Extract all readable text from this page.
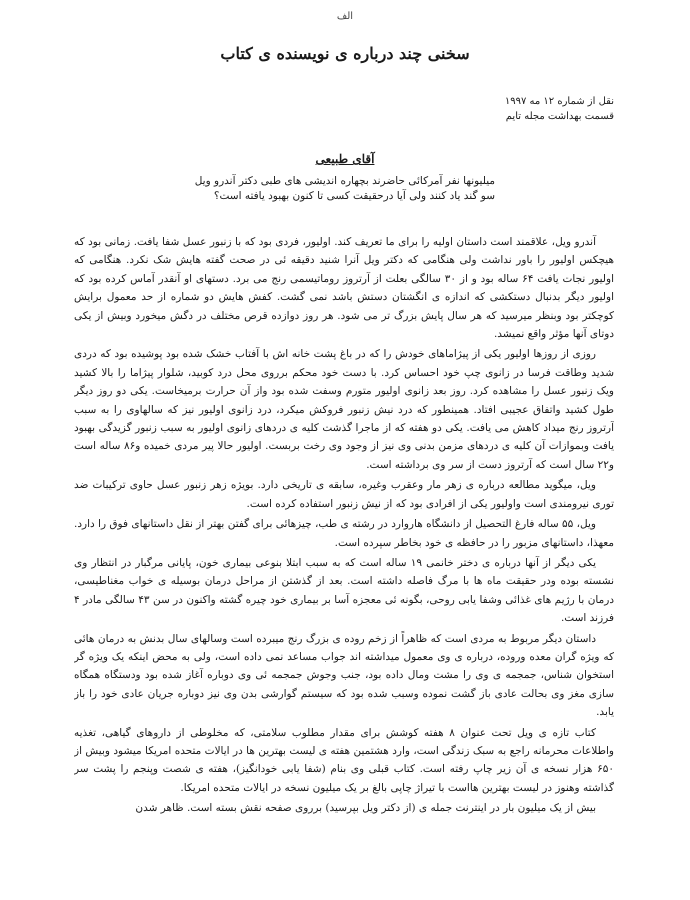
الف
سخنی چند درباره ی نویسنده ی کتاب
نقل از شماره ۱۲ مه ۱۹۹۷
قسمت بهداشت مجله تایم
آقای طبیعی
میلیونها نفر آمرکائی حاضرند بچهاره اندیشی های طبی دکتر آندرو ویل
سو گند یاد کنند ولی آیا درحقیقت کسی تا کنون بهبود یافته است؟

آندرو ویل، علاقمند است داستان اولیه را برای ما تعریف کند. اولیور، فردی بود که با زنبور عسل شفا یافت. زمانی بود که هیچکس اولیور را باور نداشت ولی هنگامی که دکتر ویل آنرا شنید دقیقه ئی در صحت گفته هایش شک نکرد. هنگامی که اولیور نجات یافت ۶۴ ساله بود و از ۳۰ سالگی بعلت از آرتروز روماتیسمی رنج می برد. دستهای او آنقدر آماس کرده بود که اولیور دیگر بدنبال دستکشی که اندازه ی انگشتان دستش باشد نمی گشت. کفش هایش دو شماره از حد معمول برایش کوچکتر بود وبنظر میرسید که هر سال پایش بزرگ تر می شود. هر روز دوازده قرص مختلف در دگش میخورد وبیش از یکی دوتای آنها مؤثر واقع نمیشد.

روزی از روزها اولیور یکی از پیژاماهای خودش را که در باغ پشت خانه اش با آفتاب خشک شده بود پوشیده بود که دردی شدید وطاقت فرسا در زانوی چپ خود احساس کرد. با دست خود محکم برروی محل درد کوبید، شلوار پیژاما را بالا کشید ویک زنبور عسل را مشاهده کرد. روز بعد زانوی اولیور متورم وسفت شده بود واز آن حرارت برمیخاست. یکی دو روز دیگر طول کشید واتفاق عجیبی افتاد. همینطور که درد نیش زنبور فروکش میکرد، درد زانوی اولیور نیز که سالهاوی را به سبب آرتروز رنج میداد کاهش می یافت. یکی دو هفته که از ماجرا گذشت کلیه ی دردهای زانوی اولیور به سبب زنبور گزیدگی بهبود یافت وبموازات آن کلیه ی دردهای مزمن بدنی وی نیز از وجود وی رخت بربست. اولیور حالا پیر مردی خمیده و۸۶ ساله است و۲۲ سال است که آرتروز دست از سر وی برداشته است.

ویل، میگوید مطالعه درباره ی زهر مار وعقرب وغیره، سابقه ی تاریخی دارد. بویژه زهر زنبور عسل حاوی ترکیبات ضد توری نیرومندی است واولیور یکی از افرادی بود که از نیش زنبور استفاده کرده است.

ویل، ۵۵ ساله فارغ التحصیل از دانشگاه هاروارد در رشته ی طب، چیزهائی برای گفتن بهتر از نقل داستانهای فوق را دارد. معهذا، داستانهای مزبور را در حافظه ی خود بخاطر سپرده است.

یکی دیگر از آنها درباره ی دختر خانمی ۱۹ ساله است که به سبب ابتلا بنوعی بیماری خون، پایانی مرگبار در انتظار وی نشسته بوده ودر حقیقت ماه ها با مرگ فاصله داشته است. بعد از گذشتن از مراحل درمان بوسیله ی خواب مغناطیسی، درمان با رژیم های غذائی وشفا یابی روحی، بگونه ئی معجزه آسا بر بیماری خود چیره گشته واکنون در سن ۴۳ سالگی مادر ۴ فرزند است.

داستان دیگر مربوط به مردی است که ظاهراً از زخم روده ی بزرگ رنج میبرده است وسالهای سال بدنش به درمان هائی که ویژه گران معده وروده، درباره ی وی معمول میداشته اند جواب مساعد نمی داده است، ولی به محض اینکه یک ویژه گر استخوان شناس، جمجمه ی وی را مشت ومال داده بود، جنب وجوش جمجمه ئی وی دوباره آغاز شده بود ودستگاه همگاه سازی مغز وی بحالت عادی باز گشت نموده وسبب شده بود که سیستم گوارشی بدن وی نیز دوباره جریان عادی خود را باز یابد.

کتاب تازه ی ویل تحت عنوان ۸ هفته کوشش برای مقدار مطلوب سلامتی، که مخلوطی از داروهای گیاهی، تغذیه واطلاعات محرمانه راجع به سبک زندگی است، وارد هشتمین هفته ی لیست بهترین ها در ایالات متحده امریکا میشود وبیش از ۶۵۰ هزار نسخه ی آن زیر چاپ رفته است. کتاب قبلی وی بنام (شفا یابی خودانگیز)، هفته ی شصت وپنجم را پشت سر گذاشته وهنوز در لیست بهترین هااست با تیراژ چاپی بالغ بر یک میلیون نسخه در ایالات متحده امریکا.

بیش از یک میلیون بار در اینترنت جمله ی (از دکتر ویل بپرسید) برروی صفحه نقش بسته است. ظاهر شدن
